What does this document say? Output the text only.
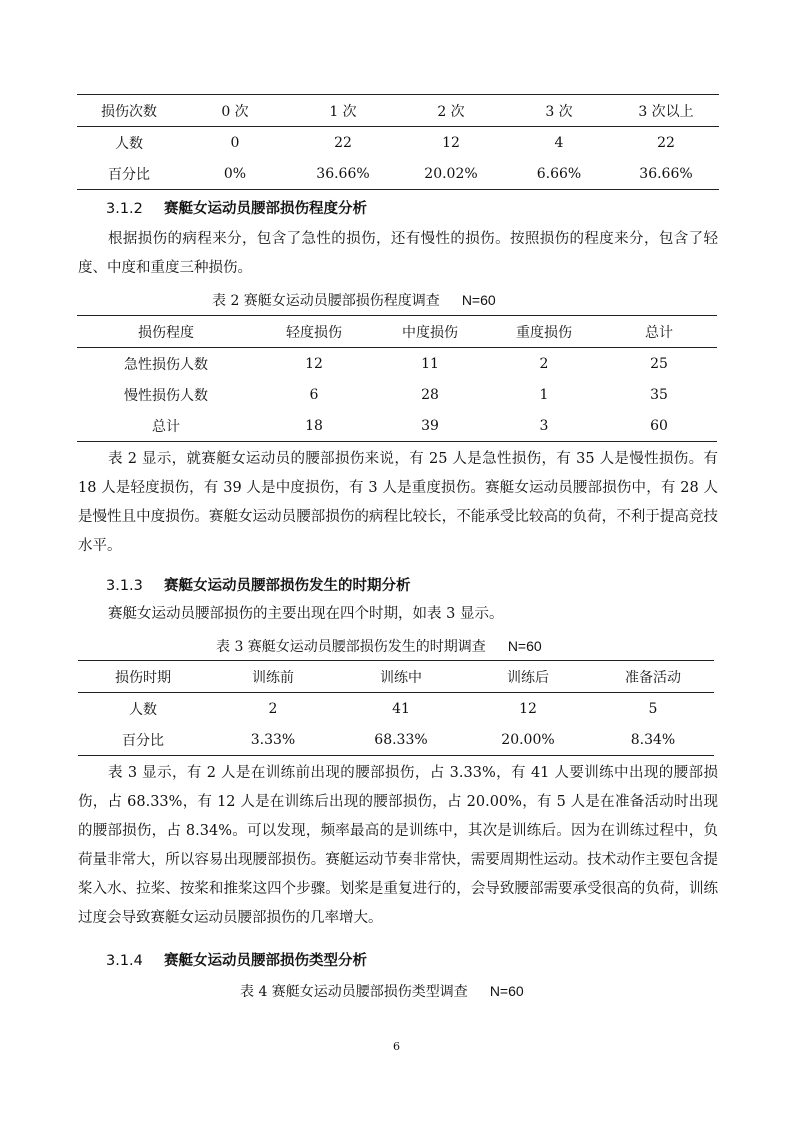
损伤次数	0 次	1 次	2 次	3 次	3 次以上
人数	0	22	12	4	22
百分比	0%	36.66%	20.02%	6.66%	36.66%
3.1.2 赛艇女运动员腰部损伤程度分析
根据损伤的病程来分，包含了急性的损伤，还有慢性的损伤。按照损伤的程度来分，包含了轻度、中度和重度三种损伤。
表 2 赛艇女运动员腰部损伤程度调查 N=60
损伤程度	轻度损伤	中度损伤	重度损伤	总计
急性损伤人数	12	11	2	25
慢性损伤人数	6	28	1	35
总计	18	39	3	60
表 2 显示，就赛艇女运动员的腰部损伤来说，有 25 人是急性损伤，有 35 人是慢性损伤。有 18 人是轻度损伤，有 39 人是中度损伤，有 3 人是重度损伤。赛艇女运动员腰部损伤中，有 28 人是慢性且中度损伤。赛艇女运动员腰部损伤的病程比较长，不能承受比较高的负荷，不利于提高竞技水平。
3.1.3 赛艇女运动员腰部损伤发生的时期分析
赛艇女运动员腰部损伤的主要出现在四个时期，如表 3 显示。
表 3 赛艇女运动员腰部损伤发生的时期调查 N=60
损伤时期	训练前	训练中	训练后	准备活动
人数	2	41	12	5
百分比	3.33%	68.33%	20.00%	8.34%
表 3 显示，有 2 人是在训练前出现的腰部损伤，占 3.33%，有 41 人要训练中出现的腰部损伤，占 68.33%，有 12 人是在训练后出现的腰部损伤，占 20.00%，有 5 人是在准备活动时出现的腰部损伤，占 8.34%。可以发现，频率最高的是训练中，其次是训练后。因为在训练过程中，负荷量非常大，所以容易出现腰部损伤。赛艇运动节奏非常快，需要周期性运动。技术动作主要包含提桨入水、拉桨、按桨和推桨这四个步骤。划桨是重复进行的，会导致腰部需要承受很高的负荷，训练过度会导致赛艇女运动员腰部损伤的几率增大。
3.1.4 赛艇女运动员腰部损伤类型分析
表 4 赛艇女运动员腰部损伤类型调查 N=60
6
